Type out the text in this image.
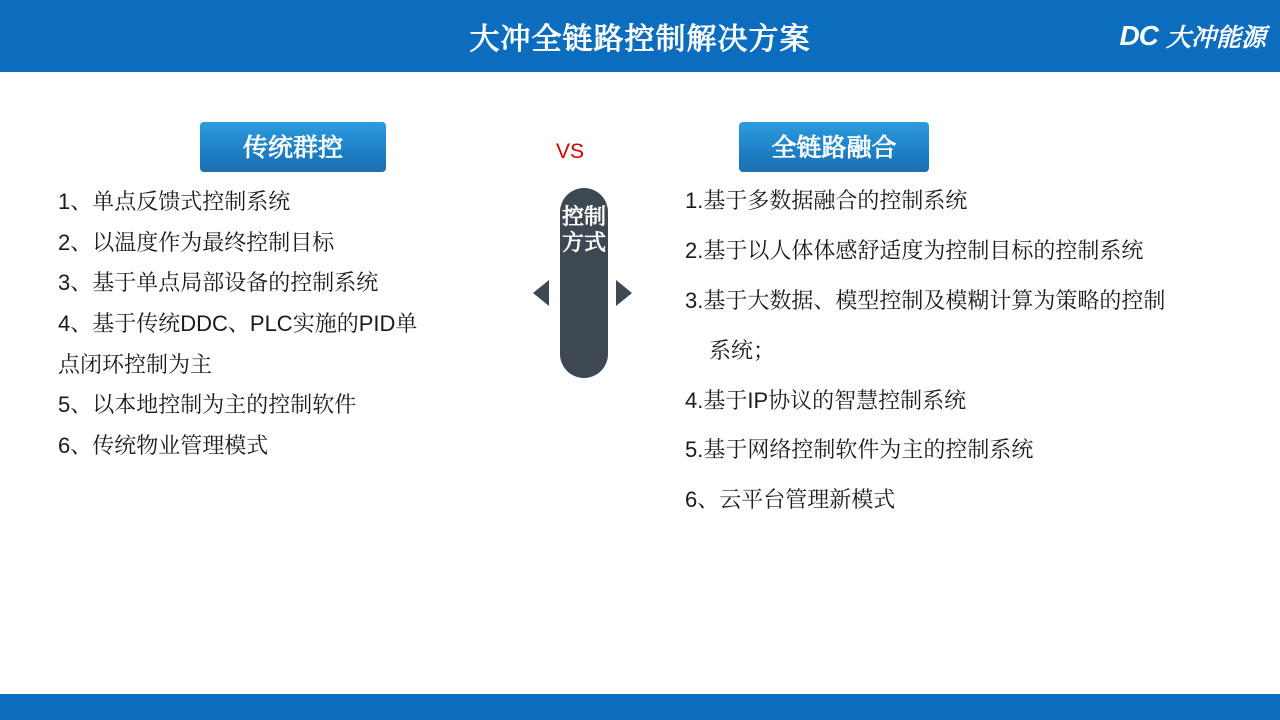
大冲全链路控制解决方案	DC 大冲能源
传统群控	全链路融合
VS
控制方式

1、单点反馈式控制系统

2、以温度作为最终控制目标

3、基于单点局部设备的控制系统

4、基于传统DDC、PLC实施的PID单

点闭环控制为主

5、以本地控制为主的控制软件

6、传统物业管理模式

1.基于多数据融合的控制系统

2.基于以人体体感舒适度为控制目标的控制系统

3.基于大数据、模型控制及模糊计算为策略的控制

系统；

4.基于IP协议的智慧控制系统

5.基于网络控制软件为主的控制系统

6、云平台管理新模式
